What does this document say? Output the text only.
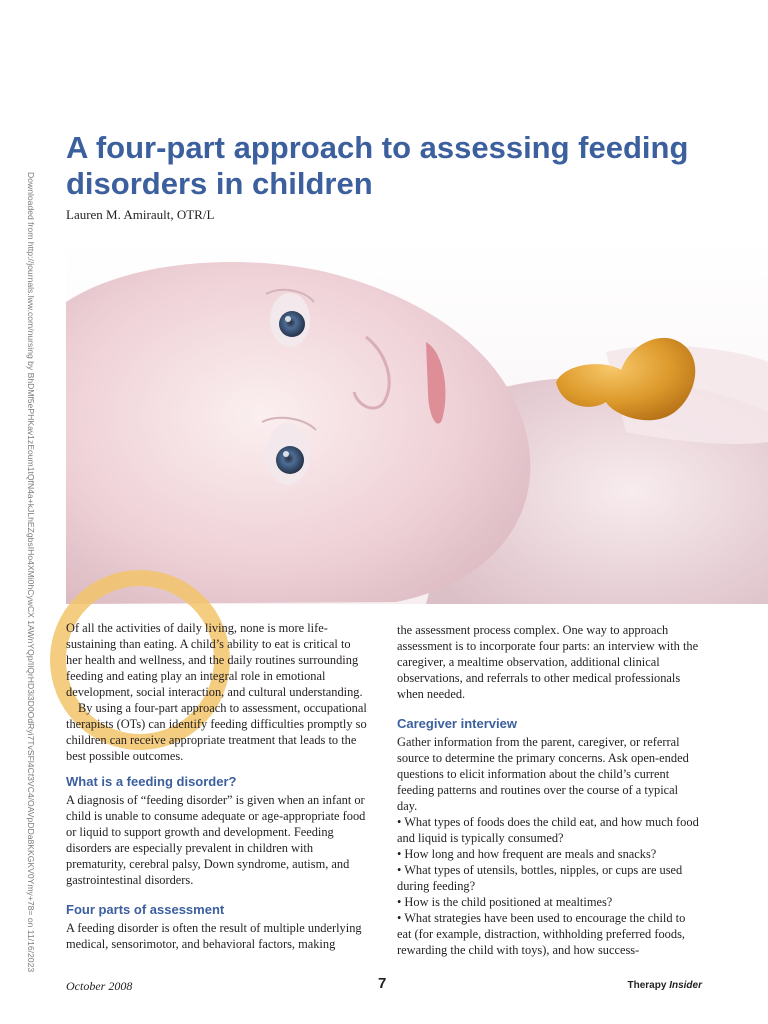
Downloaded from http://journals.lww.com/nursing by BhDMf5ePHKav1zEoum1tQfN4a+kJLhEZgbsIHo4XMi0hCywCX 1AWnYQp/IlQrHD3i3D0OdRyi7TvSFl4Cf3VC4/OAVpDDa8KKGKV0Ymy+78= on 11/16/2023
A four-part approach to assessing feeding disorders in children
Lauren M. Amirault, OTR/L

Of all the activities of daily living, none is more life-sustaining than eating. A child’s ability to eat is critical to her health and wellness, and the daily routines surrounding feeding and eating play an integral role in emotional development, social interaction, and cultural understanding.

By using a four-part approach to assessment, occupational therapists (OTs) can identify feeding difficulties promptly so children can receive appropriate treatment that leads to the best possible outcomes.

What is a feeding disorder?

A diagnosis of “feeding disorder” is given when an infant or child is unable to consume adequate or age-appropriate food or liquid to support growth and development. Feeding disorders are especially prevalent in children with prematurity, cerebral palsy, Down syndrome, autism, and gastrointestinal disorders.

Four parts of assessment

A feeding disorder is often the result of multiple underlying medical, sensorimotor, and behavioral factors, making

the assessment process complex. One way to approach assessment is to incorporate four parts: an interview with the caregiver, a mealtime observation, additional clinical observations, and referrals to other medical professionals when needed.

Caregiver interview

Gather information from the parent, caregiver, or referral source to determine the primary concerns. Ask open-ended questions to elicit information about the child’s current feeding patterns and routines over the course of a typical day.

• What types of foods does the child eat, and how much food and liquid is typically consumed?

• How long and how frequent are meals and snacks?

• What types of utensils, bottles, nipples, or cups are used during feeding?

• How is the child positioned at mealtimes?

• What strategies have been used to encourage the child to eat (for example, distraction, withholding preferred foods, rewarding the child with toys), and how success-

October 2008	7	Therapy Insider
